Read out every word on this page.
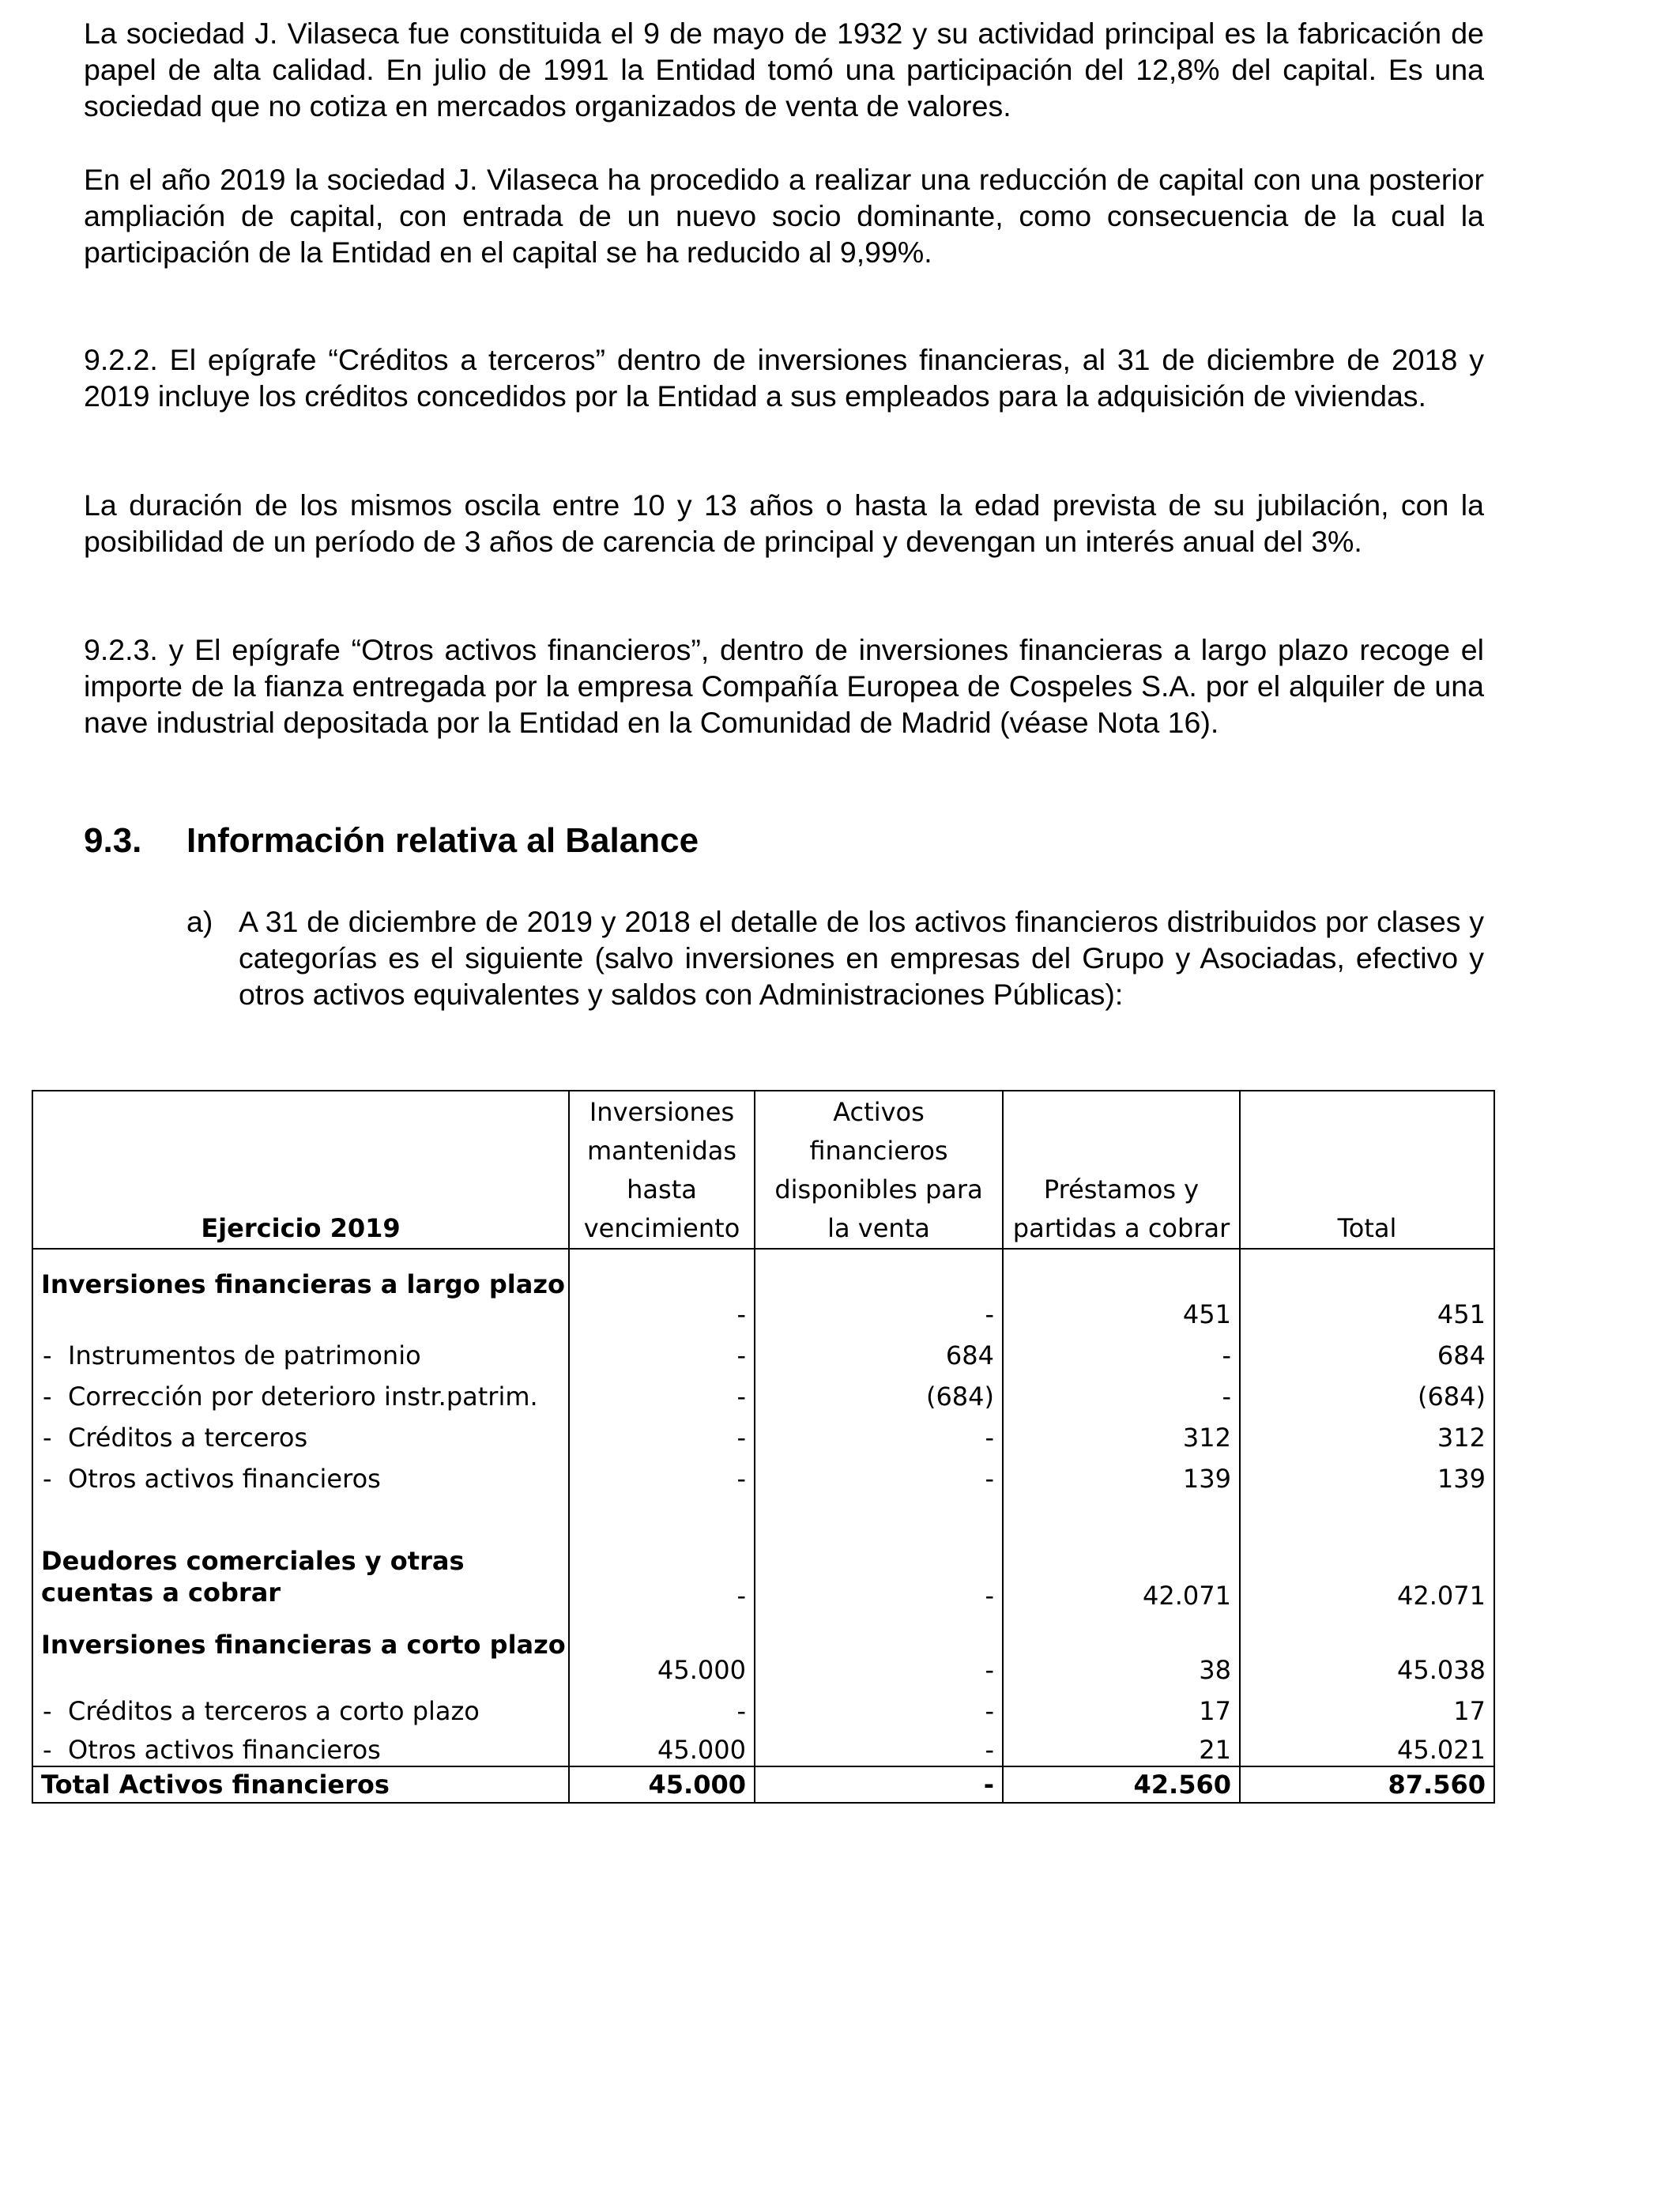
La sociedad J. Vilaseca fue constituida el 9 de mayo de 1932 y su actividad principal es la fabricación de papel de alta calidad. En julio de 1991 la Entidad tomó una participación del 12,8% del capital. Es una sociedad que no cotiza en mercados organizados de venta de valores.

En el año 2019 la sociedad J. Vilaseca ha procedido a realizar una reducción de capital con una posterior ampliación de capital, con entrada de un nuevo socio dominante, como consecuencia de la cual la participación de la Entidad en el capital se ha reducido al 9,99%.

9.2.2. El epígrafe “Créditos a terceros” dentro de inversiones financieras, al 31 de diciembre de 2018 y 2019 incluye los créditos concedidos por la Entidad a sus empleados para la adquisición de viviendas.

La duración de los mismos oscila entre 10 y 13 años o hasta la edad prevista de su jubilación, con la posibilidad de un período de 3 años de carencia de principal y devengan un interés anual del 3%.

9.2.3. y El epígrafe “Otros activos financieros”, dentro de inversiones financieras a largo plazo recoge el importe de la fianza entregada por la empresa Compañía Europea de Cospeles S.A. por el alquiler de una nave industrial depositada por la Entidad en la Comunidad de Madrid (véase Nota 16).

9.3. Información relativa al Balance
a) A 31 de diciembre de 2019 y 2018 el detalle de los activos financieros distribuidos por clases y categorías es el siguiente (salvo inversiones en empresas del Grupo y Asociadas, efectivo y otros activos equivalentes y saldos con Administraciones Públicas):
Ejercicio 2019	Inversiones
mantenidas
hasta
vencimiento	Activos
financieros
disponibles para
la venta	Préstamos y
partidas a cobrar	Total
Inversiones financieras a largo plazo	-	-	451	451
- Instrumentos de patrimonio	-	684	-	684
- Corrección por deterioro instr.patrim.	-	(684)	-	(684)
- Créditos a terceros	-	-	312	312
- Otros activos financieros	-	-	139	139
Deudores comerciales y otras
cuentas a cobrar	-	-	42.071	42.071
Inversiones financieras a corto plazo	45.000	-	38	45.038
- Créditos a terceros a corto plazo	-	-	17	17
- Otros activos financieros	45.000	-	21	45.021
Total Activos financieros	45.000	-	42.560	87.560
